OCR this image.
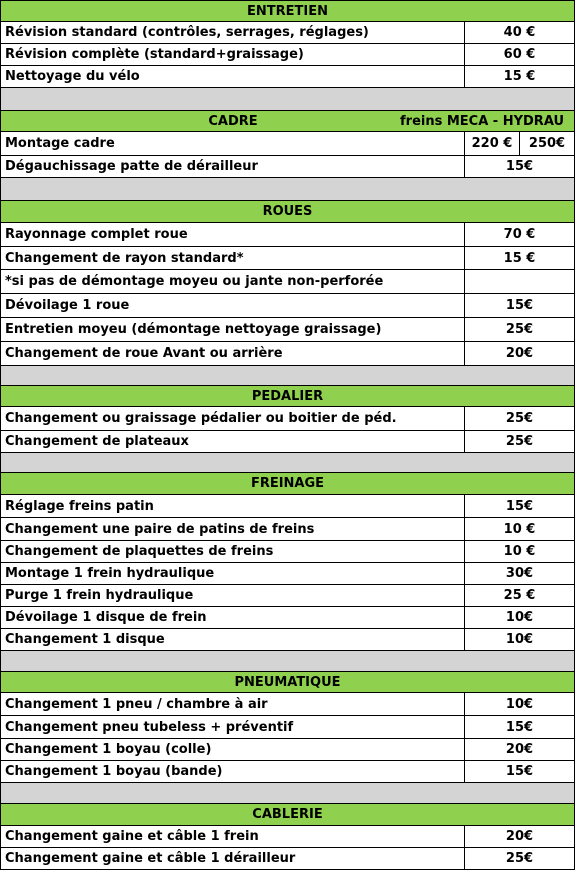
ENTRETIEN
Révision standard (contrôles, serrages, réglages)	40 €
Révision complète (standard+graissage)	60 €
Nettoyage du vélo	15 €
CADRE	freins MECA - HYDRAU
Montage cadre	220 €	250€
Dégauchissage patte de dérailleur	15€
ROUES
Rayonnage complet roue	70 €
Changement de rayon standard*	15 €
*si pas de démontage moyeu ou jante non-perforée
Dévoilage 1 roue	15€
Entretien moyeu (démontage nettoyage graissage)	25€
Changement de roue Avant ou arrière	20€
PEDALIER
Changement ou graissage pédalier ou boitier de péd.	25€
Changement de plateaux	25€
FREINAGE
Réglage freins patin	15€
Changement une paire de patins de freins	10 €
Changement de plaquettes de freins	10 €
Montage 1 frein hydraulique	30€
Purge 1 frein hydraulique	25 €
Dévoilage 1 disque de frein	10€
Changement 1 disque	10€
PNEUMATIQUE
Changement 1 pneu / chambre à air	10€
Changement pneu tubeless + préventif	15€
Changement 1 boyau (colle)	20€
Changement 1 boyau (bande)	15€
CABLERIE
Changement gaine et câble 1 frein	20€
Changement gaine et câble 1 dérailleur	25€
